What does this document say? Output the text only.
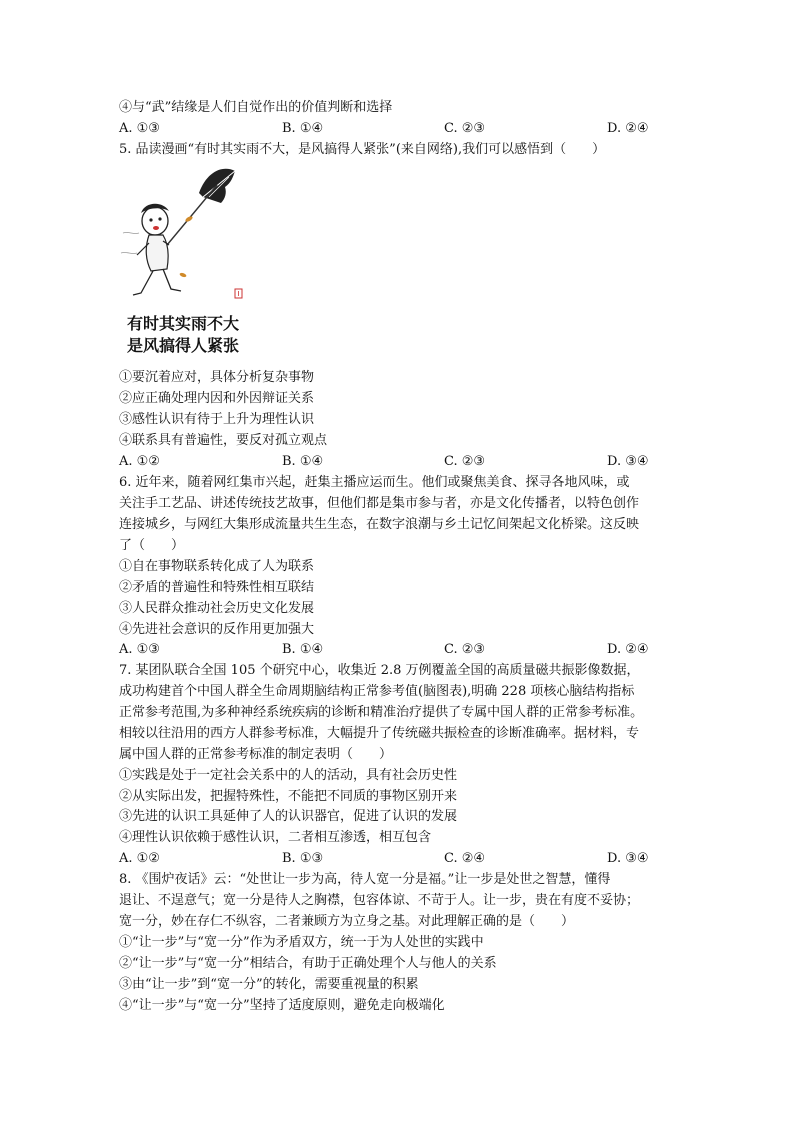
④与“武”结缘是人们自觉作出的价值判断和选择
A. ①③	B. ①④	C. ②③	D. ②④
5. 品读漫画“有时其实雨不大，是风搞得人紧张”(来自网络),我们可以感悟到（　　）
有时其实雨不大
是风搞得人紧张
①要沉着应对，具体分析复杂事物
②应正确处理内因和外因辩证关系
③感性认识有待于上升为理性认识
④联系具有普遍性，要反对孤立观点
A. ①②	B. ①④	C. ②③	D. ③④
6. 近年来，随着网红集市兴起，赶集主播应运而生。他们或聚焦美食、探寻各地风味，或
关注手工艺品、讲述传统技艺故事，但他们都是集市参与者，亦是文化传播者，以特色创作
连接城乡，与网红大集形成流量共生生态，在数字浪潮与乡土记忆间架起文化桥梁。这反映
了（　　）
①自在事物联系转化成了人为联系
②矛盾的普遍性和特殊性相互联结
③人民群众推动社会历史文化发展
④先进社会意识的反作用更加强大
A. ①③	B. ①④	C. ②③	D. ②④
7. 某团队联合全国 105 个研究中心，收集近 2.8 万例覆盖全国的高质量磁共振影像数据，
成功构建首个中国人群全生命周期脑结构正常参考值(脑图表),明确 228 项核心脑结构指标
正常参考范围,为多种神经系统疾病的诊断和精准治疗提供了专属中国人群的正常参考标准。
相较以往沿用的西方人群参考标准，大幅提升了传统磁共振检查的诊断准确率。据材料，专
属中国人群的正常参考标准的制定表明（　　）
①实践是处于一定社会关系中的人的活动，具有社会历史性
②从实际出发，把握特殊性，不能把不同质的事物区别开来
③先进的认识工具延伸了人的认识器官，促进了认识的发展
④理性认识依赖于感性认识，二者相互渗透，相互包含
A. ①②	B. ①③	C. ②④	D. ③④
8. 《围炉夜话》云：“处世让一步为高，待人宽一分是福。”让一步是处世之智慧，懂得
退让、不逞意气；宽一分是待人之胸襟，包容体谅、不苛于人。让一步，贵在有度不妥协；
宽一分，妙在存仁不纵容，二者兼顾方为立身之基。对此理解正确的是（　　）
①“让一步”与“宽一分”作为矛盾双方，统一于为人处世的实践中
②“让一步”与“宽一分”相结合，有助于正确处理个人与他人的关系
③由“让一步”到“宽一分”的转化，需要重视量的积累
④“让一步”与“宽一分”坚持了适度原则，避免走向极端化
